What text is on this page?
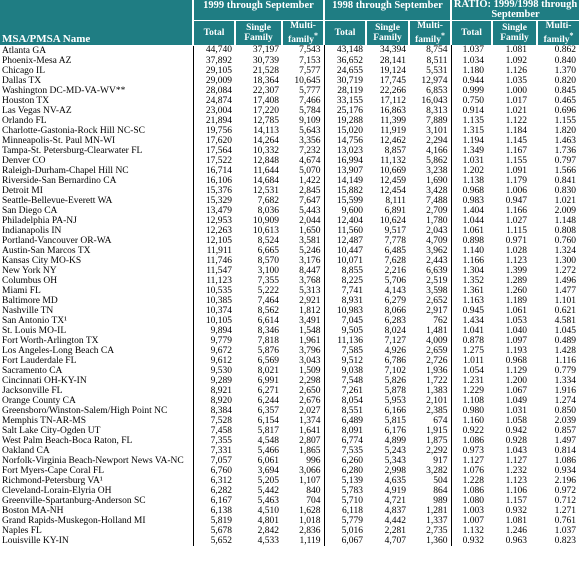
MSA/PMSA Name	1999 through September			1998 through September			RATIO: 1999/1998 through September		
	Total	Single Family	Multi-family*	Total	Single Family	Multi-family*	Total	Single Family	Multi-family*
Atlanta GA	44,740	37,197	7,543	43,148	34,394	8,754	1.037	1.081	0.862
Phoenix-Mesa AZ	37,892	30,739	7,153	36,652	28,141	8,511	1.034	1.092	0.840
Chicago IL	29,105	21,528	7,577	24,655	19,124	5,531	1.180	1.126	1.370
Dallas TX	29,009	18,364	10,645	30,719	17,745	12,974	0.944	1.035	0.820
Washington DC-MD-VA-WV**	28,084	22,307	5,777	28,119	22,266	6,853	0.999	1.000	0.845
Houston TX	24,874	17,408	7,466	33,155	17,112	16,043	0.750	1.017	0.465
Las Vegas NV-AZ	23,004	17,220	5,784	25,176	16,863	8,313	0.914	1.021	0.696
Orlando FL	21,894	12,785	9,109	19,288	11,399	7,889	1.135	1.122	1.155
Charlotte-Gastonia-Rock Hill NC-SC	19,756	14,113	5,643	15,020	11,919	3,101	1.315	1.184	1.820
Minneapolis-St. Paul MN-WI	17,620	14,264	3,356	14,756	12,462	2,294	1.194	1.145	1.463
Tampa-St. Petersburg-Clearwater FL	17,564	10,332	7,232	13,023	8,857	4,166	1.349	1.167	1.736
Denver CO	17,522	12,848	4,674	16,994	11,132	5,862	1.031	1.155	0.797
Raleigh-Durham-Chapel Hill NC	16,714	11,644	5,070	13,907	10,669	3,238	1.202	1.091	1.566
Riverside-San Bernardino CA	16,106	14,684	1,422	14,149	12,459	1,690	1.138	1.179	0.841
Detroit MI	15,376	12,531	2,845	15,882	12,454	3,428	0.968	1.006	0.830
Seattle-Bellevue-Everett WA	15,329	7,682	7,647	15,599	8,111	7,488	0.983	0.947	1.021
San Diego CA	13,479	8,036	5,443	9,600	6,891	2,709	1.404	1.166	2.009
Philadelphia PA-NJ	12,953	10,909	2,044	12,404	10,624	1,780	1.044	1.027	1.148
Indianapolis IN	12,263	10,613	1,650	11,560	9,517	2,043	1.061	1.115	0.808
Portland-Vancouver OR-WA	12,105	8,524	3,581	12,487	7,778	4,709	0.898	0.971	0.760
Austin-San Marcos TX	11,911	6,665	5,246	10,447	6,485	3,962	1.140	1.028	1.324
Kansas City MO-KS	11,746	8,570	3,176	10,071	7,628	2,443	1.166	1.123	1.300
New York NY	11,547	3,100	8,447	8,855	2,216	6,639	1.304	1.399	1.272
Columbus OH	11,123	7,355	3,768	8,225	5,706	2,519	1.352	1.289	1.496
Miami FL	10,535	5,222	5,313	7,741	4,143	3,598	1.361	1.260	1.477
Baltimore MD	10,385	7,464	2,921	8,931	6,279	2,652	1.163	1.189	1.101
Nashville TN	10,374	8,562	1,812	10,983	8,066	2,917	0.945	1.061	0.621
San Antonio TX¹	10,105	6,614	3,491	7,045	6,283	762	1.434	1.053	4.581
St. Louis MO-IL	9,894	8,346	1,548	9,505	8,024	1,481	1.041	1.040	1.045
Fort Worth-Arlington TX	9,779	7,818	1,961	11,136	7,127	4,009	0.878	1.097	0.489
Los Angeles-Long Beach CA	9,672	5,876	3,796	7,585	4,926	2,659	1.275	1.193	1.428
Fort Lauderdale FL	9,612	6,569	3,043	9,512	6,786	2,726	1.011	0.968	1.116
Sacramento CA	9,530	8,021	1,509	9,038	7,102	1,936	1.054	1.129	0.779
Cincinnati OH-KY-IN	9,289	6,991	2,298	7,548	5,826	1,722	1.231	1.200	1.334
Jacksonville FL	8,921	6,271	2,650	7,261	5,878	1,383	1.229	1.067	1.916
Orange County CA	8,920	6,244	2,676	8,054	5,953	2,101	1.108	1.049	1.274
Greensboro/Winston-Salem/High Point NC	8,384	6,357	2,027	8,551	6,166	2,385	0.980	1.031	0.850
Memphis TN-AR-MS	7,528	6,154	1,374	6,489	5,815	674	1.160	1.058	2.039
Salt Lake City-Ogden UT	7,458	5,817	1,641	8,091	6,176	1,915	0.922	0.942	0.857
West Palm Beach-Boca Raton, FL	7,355	4,548	2,807	6,774	4,899	1,875	1.086	0.928	1.497
Oakland CA	7,331	5,466	1,865	7,535	5,243	2,292	0.973	1.043	0.814
Norfolk-Virginia Beach-Newport News VA-NC	7,057	6,061	996	6,260	5,343	917	1.127	1.127	1.086
Fort Myers-Cape Coral FL	6,760	3,694	3,066	6,280	2,998	3,282	1.076	1.232	0.934
Richmond-Petersburg VA¹	6,312	5,205	1,107	5,139	4,635	504	1.228	1.123	2.196
Cleveland-Lorain-Elyria OH	6,282	5,442	840	5,783	4,919	864	1.086	1.106	0.972
Greenville-Spartanburg-Anderson SC	6,167	5,463	704	5,710	4,721	989	1.080	1.157	0.712
Boston MA-NH	6,138	4,510	1,628	6,118	4,837	1,281	1.003	0.932	1.271
Grand Rapids-Muskegon-Holland MI	5,819	4,801	1,018	5,779	4,442	1,337	1.007	1.081	0.761
Naples FL	5,678	2,842	2,836	5,016	2,281	2,735	1.132	1.246	1.037
Louisville KY-IN	5,652	4,533	1,119	6,067	4,707	1,360	0.932	0.963	0.823
